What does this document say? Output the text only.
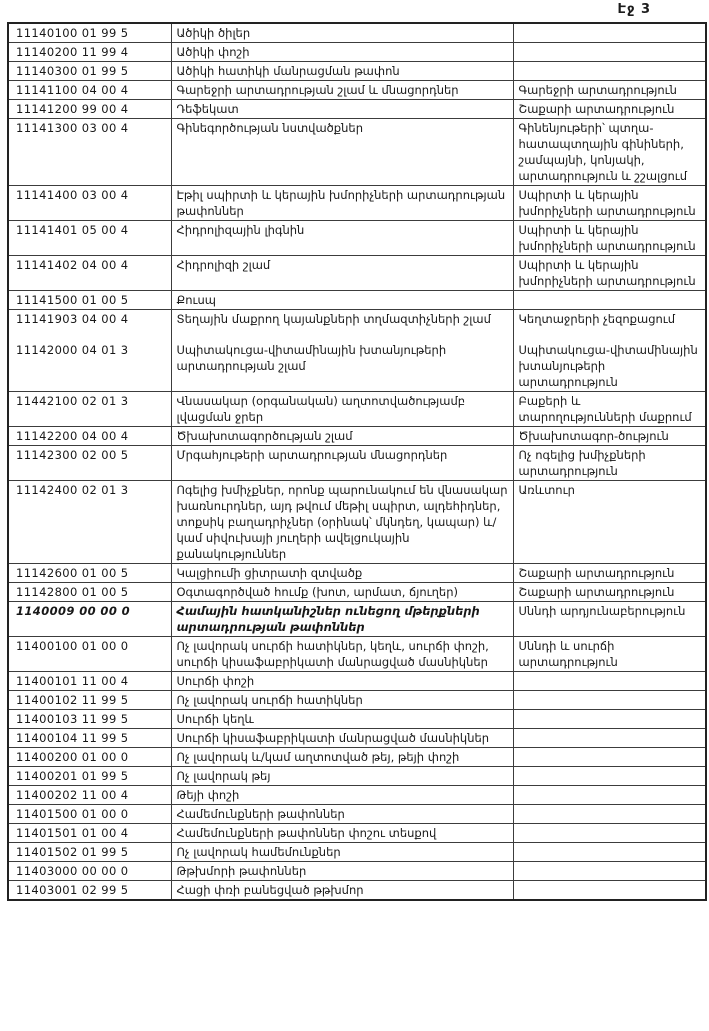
Էջ 3
11140100 01 99 5	Ածիկի ծիլեր	
11140200 11 99 4	Ածիկի փոշի	
11140300 01 99 5	Ածիկի հատիկի մանրացման թափոն	
11141100 04 00 4	Գարեջրի արտադրության շլամ և մնացորդներ	Գարեջրի արտադրություն
11141200 99 00 4	Դեֆեկատ	Շաքարի արտադրություն
11141300 03 00 4	Գինեգործության նստվածքներ	Գինենյութերի՝ պտղա-հատապտղային գինիների, շամպայնի, կոնյակի, արտադրություն և շշալցում
11141400 03 00 4	Էթիլ սպիրտի և կերային խմորիչների արտադրության թափոններ	Սպիրտի և կերային խմորիչների արտադրություն
11141401 05 00 4	Հիդրոլիզային լիգնին	Սպիրտի և կերային խմորիչների արտադրություն
11141402 04 00 4	Հիդրոլիզի շլամ	Սպիրտի և կերային խմորիչների արտադրություն
11141500 01 00 5	Քուսպ	
11141903 04 00 4	Տեղային մաքրող կայանքների տղմազտիչների շլամ	Կեղտաջրերի չեզոքացում
11142000 04 01 3	Սպիտակուցա-վիտամինային խտանյութերի արտադրության շլամ	Սպիտակուցա-վիտամինային խտանյութերի արտադրություն
11442100 02 01 3	Վնասակար (օրգանական) աղտոտվածությամբ լվացման ջրեր	Բաքերի և տարողությունների մաքրում
11142200 04 00 4	Ծխախոտագործության շլամ	Ծխախոտագոր-ծություն
11142300 02 00 5	Մրգահյութերի արտադրության մնացորդներ	Ոչ ոգելից խմիչքների արտադրություն
11142400 02 01 3	Ոգելից խմիչքներ, որոնք պարունակում են վնասակար խառնուրդներ, այդ թվում մեթիլ սպիրտ, ալդեհիդներ, տոքսիկ բաղադրիչներ (օրինակ՝ մկնդեղ, կապար) և/կամ սիվուխայի յուղերի ավելցուկային քանակություններ	Առևտուր
11142600 01 00 5	Կալցիումի ցիտրատի զտվածք	Շաքարի արտադրություն
11142800 01 00 5	Օգտագործված հումք (խոտ, արմատ, ճյուղեր)	Շաքարի արտադրություն
1140009 00 00 0	Համային հատկանիշներ ունեցող մթերքների արտադրության թափոններ	Սննդի արդյունաբերություն
11400100 01 00 0	Ոչ լավորակ սուրճի հատիկներ, կեղև, սուրճի փոշի, սուրճի կիսաֆաբրիկատի մանրացված մասնիկներ	Սննդի և սուրճի արտադրություն
11400101 11 00 4	Սուրճի փոշի	
11400102 11 99 5	Ոչ լավորակ սուրճի հատիկներ	
11400103 11 99 5	Սուրճի կեղև	
11400104 11 99 5	Սուրճի կիսաֆաբրիկատի մանրացված մասնիկներ	
11400200 01 00 0	Ոչ լավորակ և/կամ աղտոտված թեյ, թեյի փոշի	
11400201 01 99 5	Ոչ լավորակ թեյ	
11400202 11 00 4	Թեյի փոշի	
11401500 01 00 0	Համեմունքների թափոններ	
11401501 01 00 4	Համեմունքների թափոններ փոշու տեսքով	
11401502 01 99 5	Ոչ լավորակ համեմունքներ	
11403000 00 00 0	Թթխմորի թափոններ	
11403001 02 99 5	Հացի փռի բանեցված թթխմոր	
